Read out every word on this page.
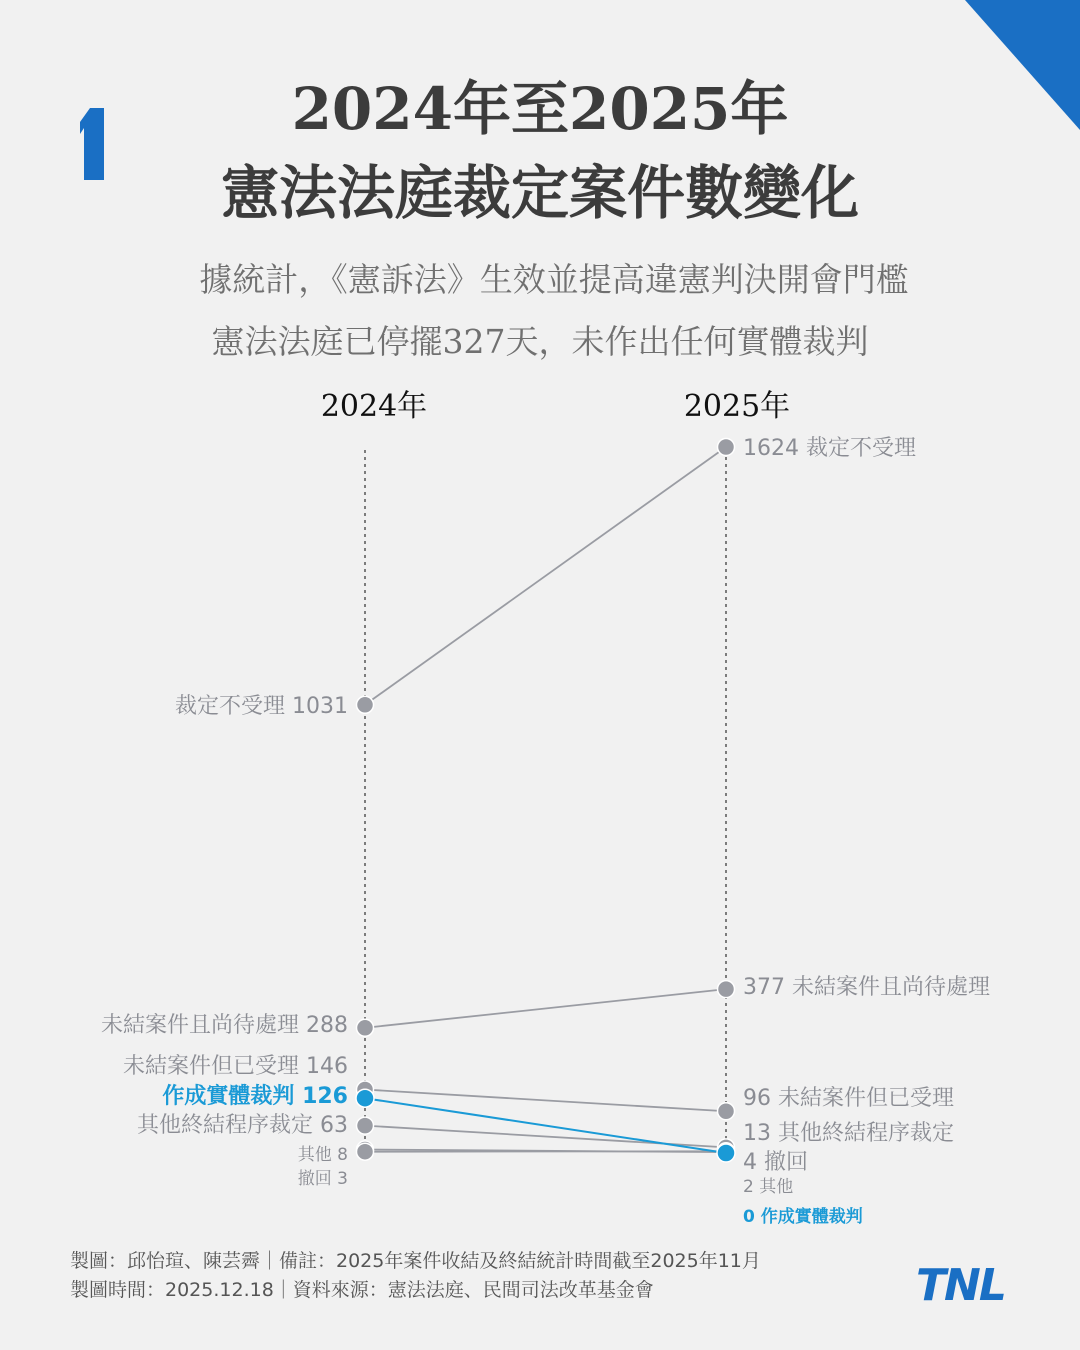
2024年至2025年
憲法法庭裁定案件數變化
據統計，《憲訴法》生效並提高違憲判決開會門檻
憲法法庭已停擺327天，未作出任何實體裁判
2024年	2025年
裁定不受理 1031
1624 裁定不受理
未結案件且尚待處理 288
377 未結案件且尚待處理
未結案件但已受理 146
96 未結案件但已受理
其他終結程序裁定 63	13 其他終結程序裁定
其他 8
2 其他
撤回 3
4 撤回
作成實體裁判 126
0 作成實體裁判
製圖：邱怡瑄、陳芸霽｜備註：2025年案件收結及終結統計時間截至2025年11月
製圖時間：2025.12.18｜資料來源：憲法法庭、民間司法改革基金會	TNL
